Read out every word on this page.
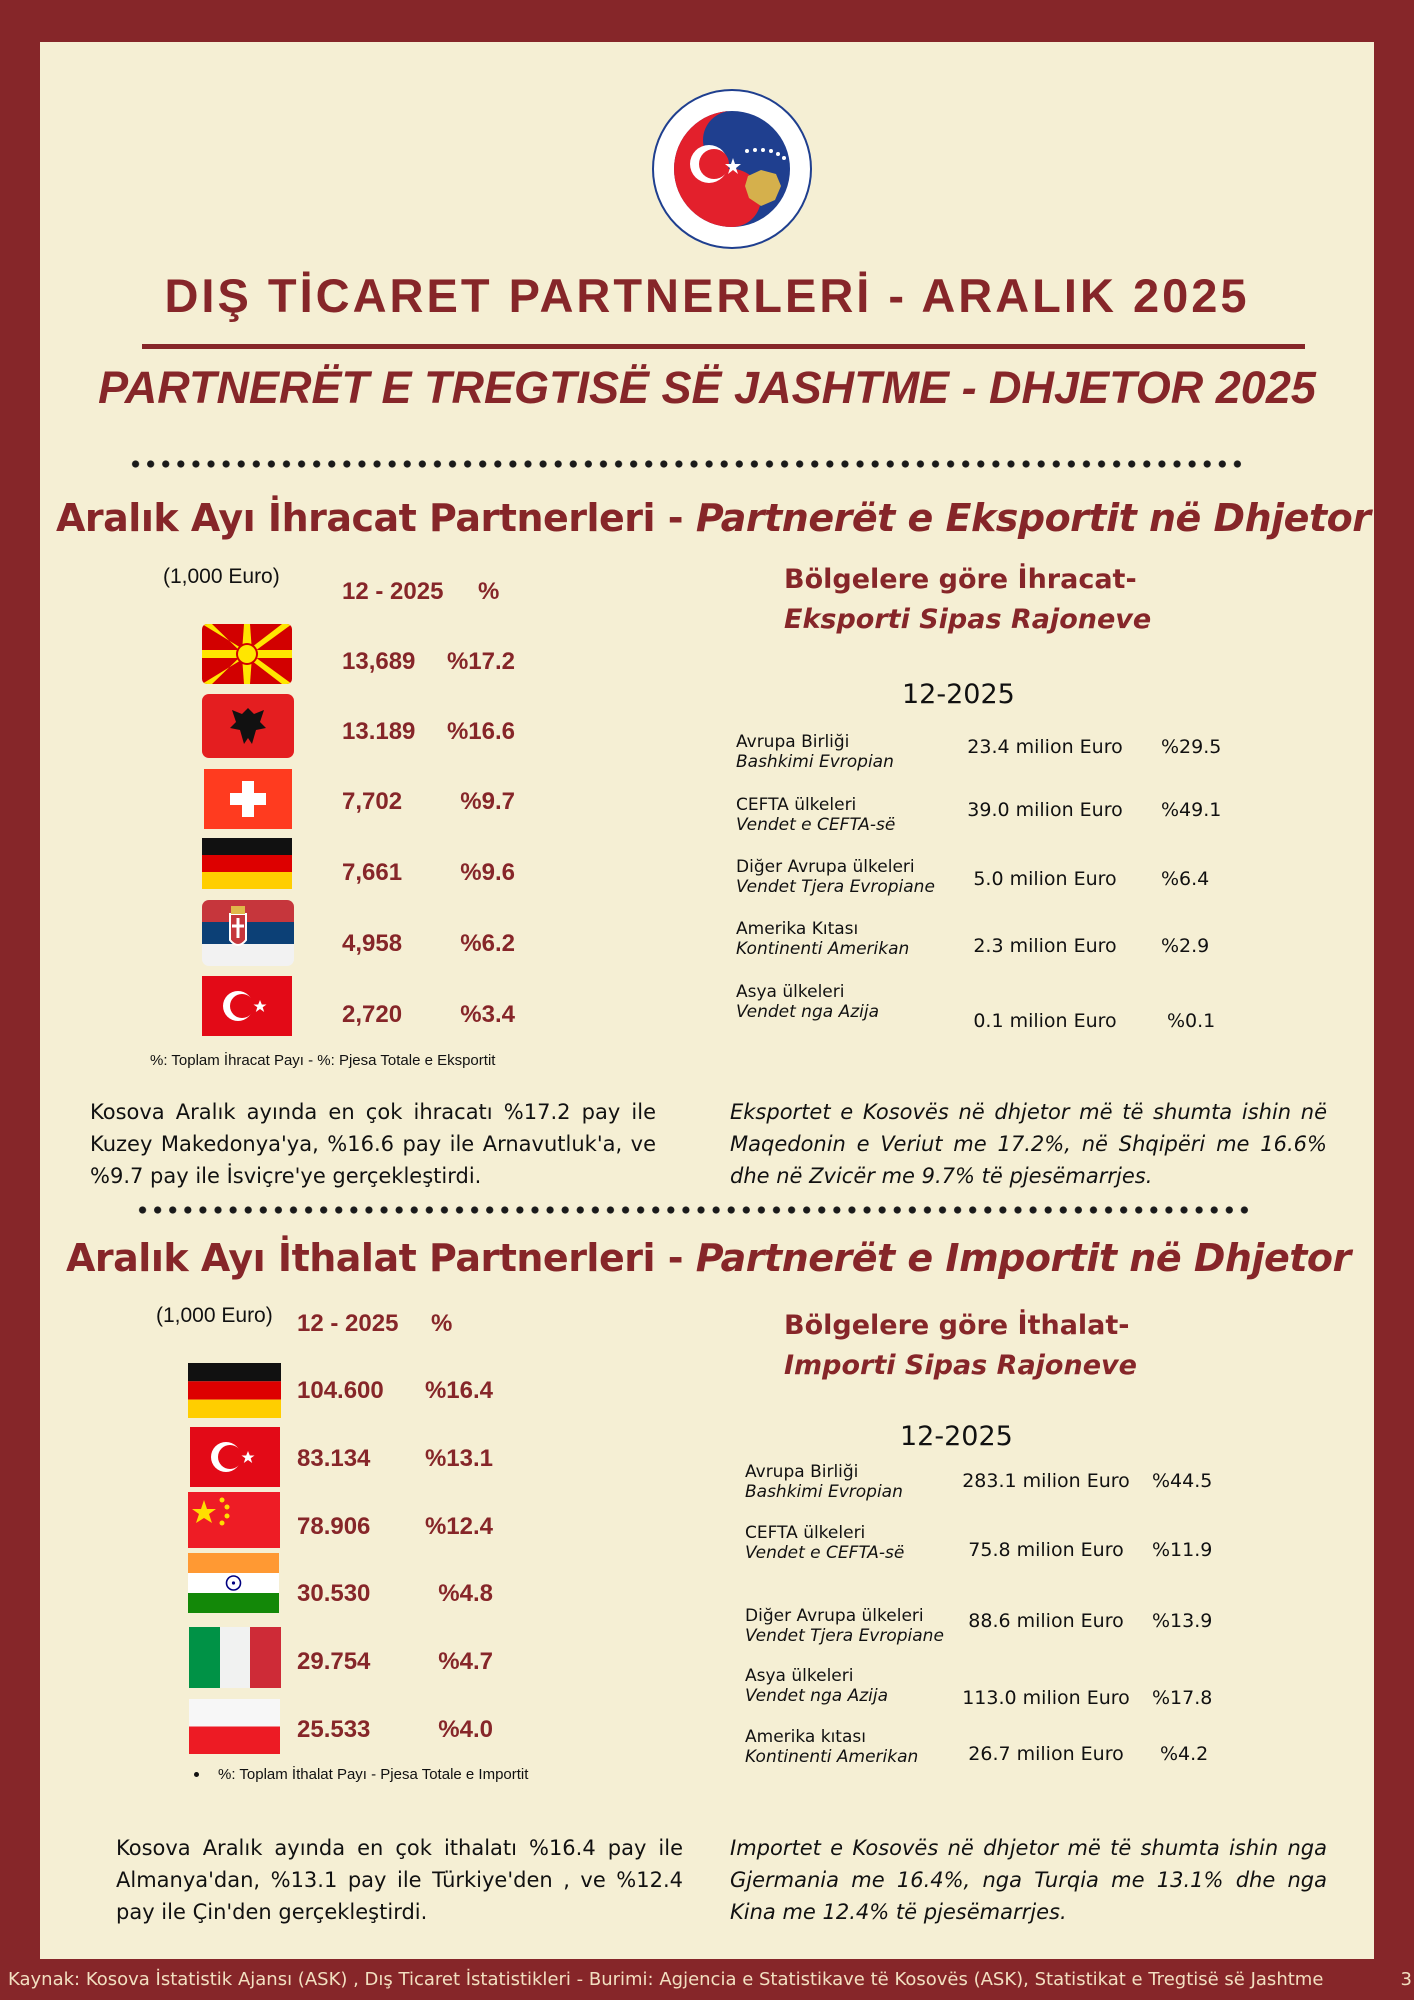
DIŞ TİCARET PARTNERLERİ - ARALIK 2025
PARTNERËT E TREGTISË SË JASHTME - DHJETOR 2025
Aralık Ayı İhracat Partnerleri - Partnerët e Eksportit në Dhjetor
(1,000 Euro)
12 - 2025 %
13,689 %17.2
13.189 %16.6
7,702 %9.7
7,661 %9.6
4,958 %6.2
2,720 %3.4
%: Toplam İhracat Payı - %: Pjesa Totale e Eksportit
Bölgelere göre İhracat-
Eksporti Sipas Rajoneve
12-2025
Avrupa Birliği
Bashkimi Evropian
23.4 milion Euro	%29.5
CEFTA ülkeleri
Vendet e CEFTA-së
39.0 milion Euro	%49.1
Diğer Avrupa ülkeleri
Vendet Tjera Evropiane	5.0 milion Euro	%6.4
Amerika Kıtası
Kontinenti Amerikan	2.3 milion Euro	%2.9
Asya ülkeleri
Vendet nga Azija	0.1 milion Euro	%0.1
Kosova Aralık ayında en çok ihracatı %17.2 pay ile Kuzey Makedonya'ya, %16.6 pay ile Arnavutluk'a, ve %9.7 pay ile İsviçre'ye gerçekleştirdi.
Eksportet e Kosovës në dhjetor më të shumta ishin në Maqedonin e Veriut me 17.2%, në Shqipëri me 16.6% dhe në Zvicër me 9.7% të pjesëmarrjes.
Aralık Ayı İthalat Partnerleri - Partnerët e Importit në Dhjetor
(1,000 Euro) 12 - 2025 %
104.600 %16.4
83.134 %13.1
78.906 %12.4
30.530	%4.8
29.754	%4.7
25.533	%4.0
%: Toplam İthalat Payı - Pjesa Totale e Importit
Bölgelere göre İthalat-
Importi Sipas Rajoneve
12-2025
Avrupa Birliği
Bashkimi Evropian	283.1 milion Euro	%44.5
CEFTA ülkeleri
Vendet e CEFTA-së	75.8 milion Euro	%11.9
Diğer Avrupa ülkeleri
Vendet Tjera Evropiane
88.6 milion Euro	%13.9
Asya ülkeleri
Vendet nga Azija	113.0 milion Euro	%17.8
Amerika kıtası
Kontinenti Amerikan	26.7 milion Euro	%4.2
Kosova Aralık ayında en çok ithalatı %16.4 pay ile Almanya'dan, %13.1 pay ile Türkiye'den , ve %12.4 pay ile Çin'den gerçekleştirdi.
Importet e Kosovës në dhjetor më të shumta ishin nga Gjermania me 16.4%, nga Turqia me 13.1% dhe nga Kina me 12.4% të pjesëmarrjes.
Kaynak: Kosova İstatistik Ajansı (ASK) , Dış Ticaret İstatistikleri - Burimi: Agjencia e Statistikave të Kosovës (ASK), Statistikat e Tregtisë së Jashtme	3
